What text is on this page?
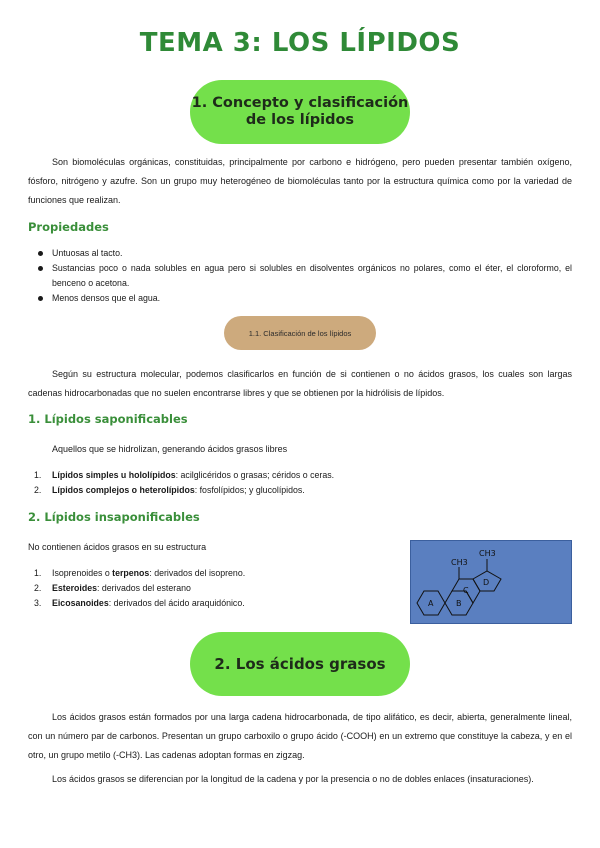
TEMA 3: LOS LÍPIDOS
1. Concepto y clasificación de los lípidos

Son biomoléculas orgánicas, constituidas, principalmente por carbono e hidrógeno, pero pueden presentar también oxígeno, fósforo, nitrógeno y azufre. Son un grupo muy heterogéneo de biomoléculas tanto por la estructura química como por la variedad de funciones que realizan.

Propiedades
Untuosas al tacto.
Sustancias poco o nada solubles en agua pero si solubles en disolventes orgánicos no polares, como el éter, el cloroformo, el benceno o acetona.
Menos densos que el agua.
1.1. Clasificación de los lípidos

Según su estructura molecular, podemos clasificarlos en función de si contienen o no ácidos grasos, los cuales son largas cadenas hidrocarbonadas que no suelen encontrarse libres y que se obtienen por la hidrólisis de lípidos.

1. Lípidos saponificables

Aquellos que se hidrolizan, generando ácidos grasos libres

1. Lípidos simples u hololípidos: acilglicéridos o grasas; céridos o ceras.
2. Lípidos complejos o heterolípidos: fosfolípidos; y glucolípidos.
2. Lípidos insaponificables

No contienen ácidos grasos en su estructura

1. Isoprenoides o terpenos: derivados del isopreno.
2. Esteroides: derivados del esterano
3. Eicosanoides: derivados del ácido araquidónico.
CH3
CH3
A	B
C
D
2. Los ácidos grasos

Los ácidos grasos están formados por una larga cadena hidrocarbonada, de tipo alifático, es decir, abierta, generalmente lineal, con un número par de carbonos. Presentan un grupo carboxilo o grupo ácido (-COOH) en un extremo que constituye la cabeza, y en el otro, un grupo metilo (-CH3). Las cadenas adoptan formas en zigzag.

Los ácidos grasos se diferencian por la longitud de la cadena y por la presencia o no de dobles enlaces (insaturaciones).
